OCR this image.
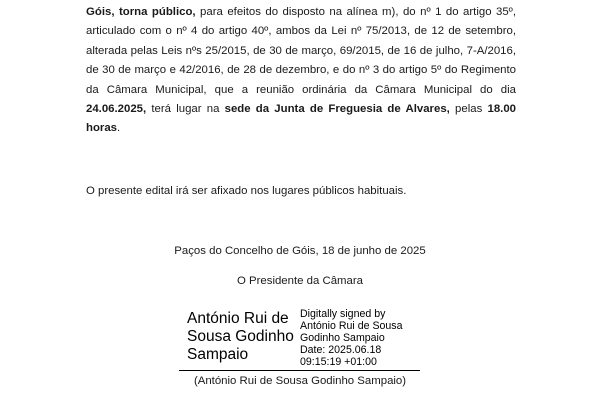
Góis, torna público, para efeitos do disposto na alínea m), do nº 1 do artigo 35º, articulado com o nº 4 do artigo 40º, ambos da Lei nº 75/2013, de 12 de setembro, alterada pelas Leis nºs 25/2015, de 30 de março, 69/2015, de 16 de julho, 7-A/2016, de 30 de março e 42/2016, de 28 de dezembro, e do nº 3 do artigo 5º do Regimento da Câmara Municipal, que a reunião ordinária da Câmara Municipal do dia 24.06.2025, terá lugar na sede da Junta de Freguesia de Alvares, pelas 18.00 horas.

O presente edital irá ser afixado nos lugares públicos habituais.
Paços do Concelho de Góis, 18 de junho de 2025
O Presidente da Câmara
António Rui de Sousa Godinho Sampaio
Digitally signed by
António Rui de Sousa
Godinho Sampaio
Date: 2025.06.18
09:15:19 +01:00
(António Rui de Sousa Godinho Sampaio)
